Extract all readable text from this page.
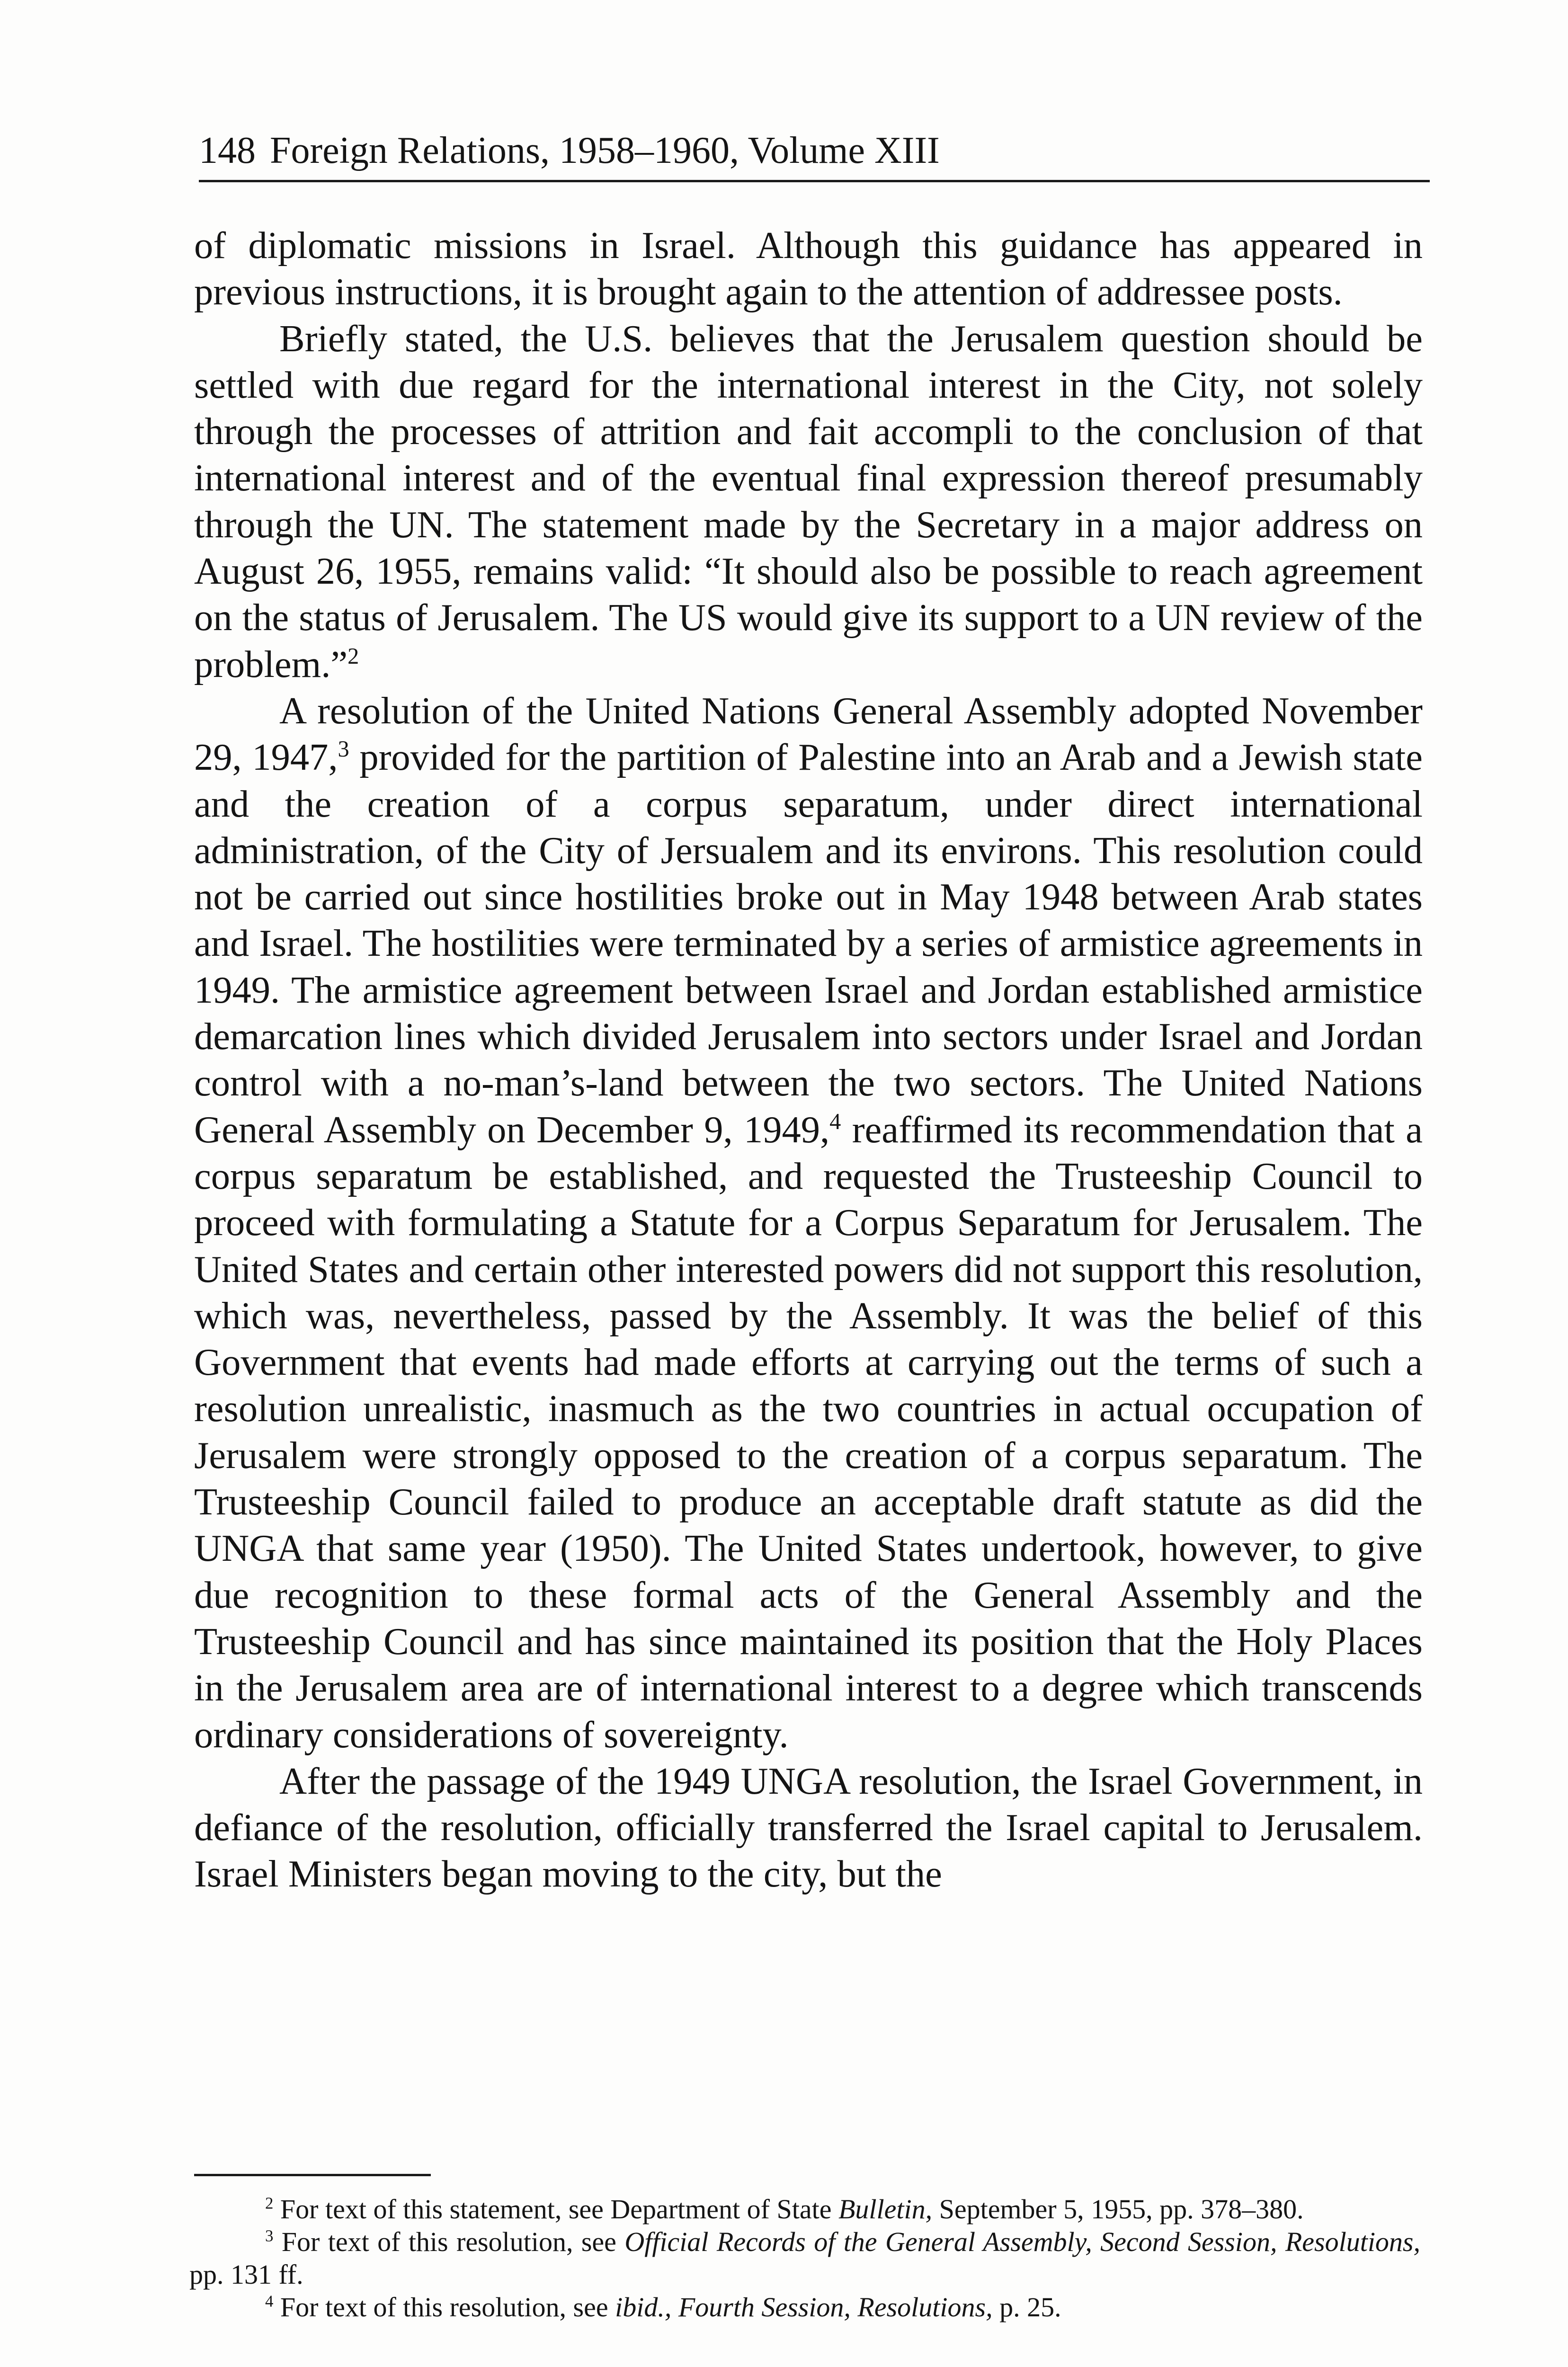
148 Foreign Relations, 1958–1960, Volume XIII

of diplomatic missions in Israel. Although this guidance has appeared in previous instructions, it is brought again to the attention of addressee posts.

Briefly stated, the U.S. believes that the Jerusalem question should be settled with due regard for the international interest in the City, not solely through the processes of attrition and fait accompli to the conclusion of that international interest and of the eventual final expression thereof presumably through the UN. The statement made by the Secretary in a major address on August 26, 1955, remains valid: “It should also be possible to reach agreement on the status of Jerusalem. The US would give its support to a UN review of the problem.”$^2$

A resolution of the United Nations General Assembly adopted November 29, 1947,$^3$ provided for the partition of Palestine into an Arab and a Jewish state and the creation of a corpus separatum, under direct international administration, of the City of Jersualem and its environs. This resolution could not be carried out since hostilities broke out in May 1948 between Arab states and Israel. The hostilities were terminated by a series of armistice agreements in 1949. The armistice agreement between Israel and Jordan established armistice demarcation lines which divided Jerusalem into sectors under Israel and Jordan control with a no-man’s-land between the two sectors. The United Nations General Assembly on December 9, 1949,$^4$ reaffirmed its recommendation that a corpus separatum be established, and requested the Trusteeship Council to proceed with formulating a Statute for a Corpus Separatum for Jerusalem. The United States and certain other interested powers did not support this resolution, which was, nevertheless, passed by the Assembly. It was the belief of this Government that events had made efforts at carrying out the terms of such a resolution unrealistic, inasmuch as the two countries in actual occupation of Jerusalem were strongly opposed to the creation of a corpus separatum. The Trusteeship Council failed to produce an acceptable draft statute as did the UNGA that same year (1950). The United States undertook, however, to give due recognition to these formal acts of the General Assembly and the Trusteeship Council and has since maintained its position that the Holy Places in the Jerusalem area are of international interest to a degree which transcends ordinary considerations of sovereignty.

After the passage of the 1949 UNGA resolution, the Israel Government, in defiance of the resolution, officially transferred the Israel capital to Jerusalem. Israel Ministers began moving to the city, but the

$^2$ For text of this statement, see Department of State Bulletin, September 5, 1955, pp. 378–380.

$^3$ For text of this resolution, see Official Records of the General Assembly, Second Session, Resolutions, pp. 131 ff.

$^4$ For text of this resolution, see ibid., Fourth Session, Resolutions, p. 25.
